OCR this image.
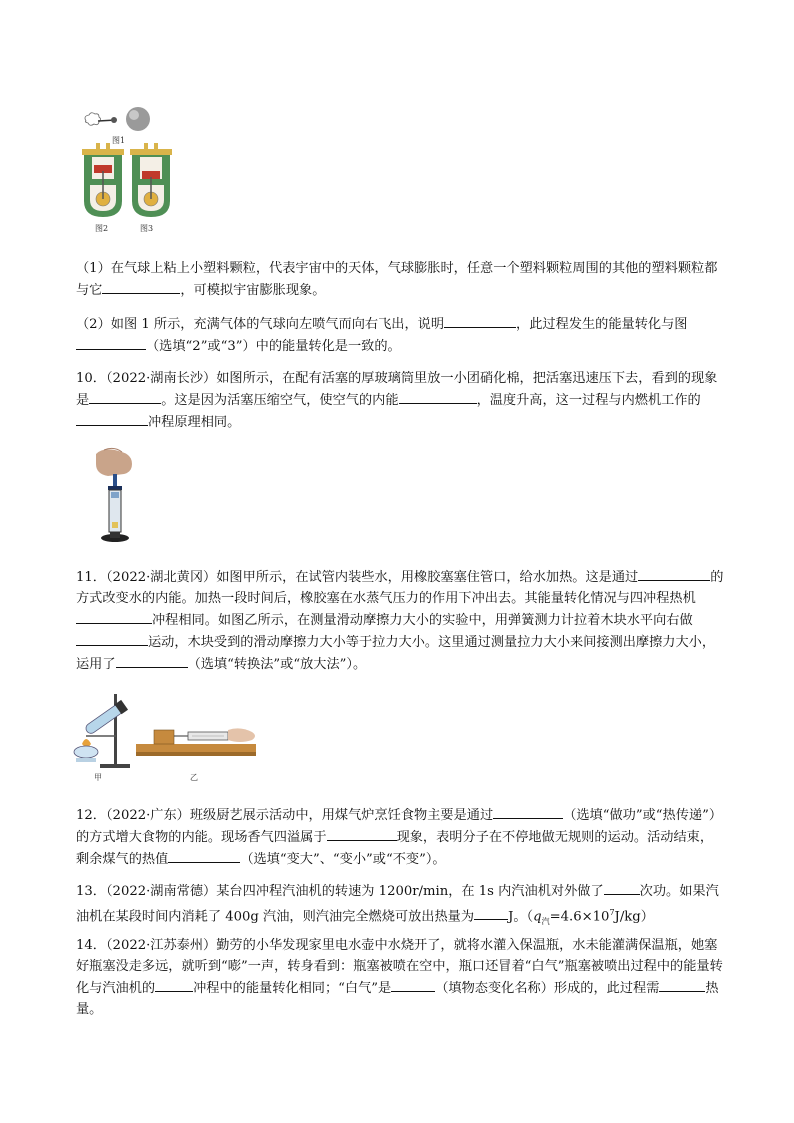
图1
图2	图3
（1）在气球上粘上小塑料颗粒，代表宇宙中的天体，气球膨胀时，任意一个塑料颗粒周围的其他的塑料颗粒都与它	，可模拟宇宙膨胀现象。
（2）如图 1 所示，充满气体的气球向左喷气而向右飞出，说明	，此过程发生的能量转化与图（选填“2”或“3”）中的能量转化是一致的。
10．（2022·湖南长沙）如图所示，在配有活塞的厚玻璃筒里放一小团硝化棉，把活塞迅速压下去，看到的现象是	。这是因为活塞压缩空气，使空气的内能	，温度升高，这一过程与内燃机工作的冲程原理相同。
11．（2022·湖北黄冈）如图甲所示，在试管内装些水，用橡胶塞塞住管口，给水加热。这是通过	的方式改变水的内能。加热一段时间后，橡胶塞在水蒸气压力的作用下冲出去。其能量转化情况与四冲程热机冲程相同。如图乙所示，在测量滑动摩擦力大小的实验中，用弹簧测力计拉着木块水平向右做运动，木块受到的滑动摩擦力大小等于拉力大小。这里通过测量拉力大小来间接测出摩擦力大小，运用了	（选填“转换法”或“放大法”）。
甲	乙
12．（2022·广东）班级厨艺展示活动中，用煤气炉烹饪食物主要是通过	（选填“做功”或“热传递”）的方式增大食物的内能。现场香气四溢属于	现象，表明分子在不停地做无规则的运动。活动结束，剩余煤气的热值	（选填“变大”、“变小”或“不变”）。
13．（2022·湖南常德）某台四冲程汽油机的转速为 1200r/min，在 1s 内汽油机对外做了	次功。如果汽油机在某段时间内消耗了 400g 汽油，则汽油完全燃烧可放出热量为	J。$(q_汽=4.6\times 10^7J/kg)$
14．（2022·江苏泰州）勤劳的小华发现家里电水壶中水烧开了，就将水灌入保温瓶，水未能灌满保温瓶，她塞好瓶塞没走多远，就听到“嘭”一声，转身看到：瓶塞被喷在空中，瓶口还冒着“白气”瓶塞被喷出过程中的能量转化与汽油机的	冲程中的能量转化相同；“白气”是	（填物态变化名称）形成的，此过程需	热量。
